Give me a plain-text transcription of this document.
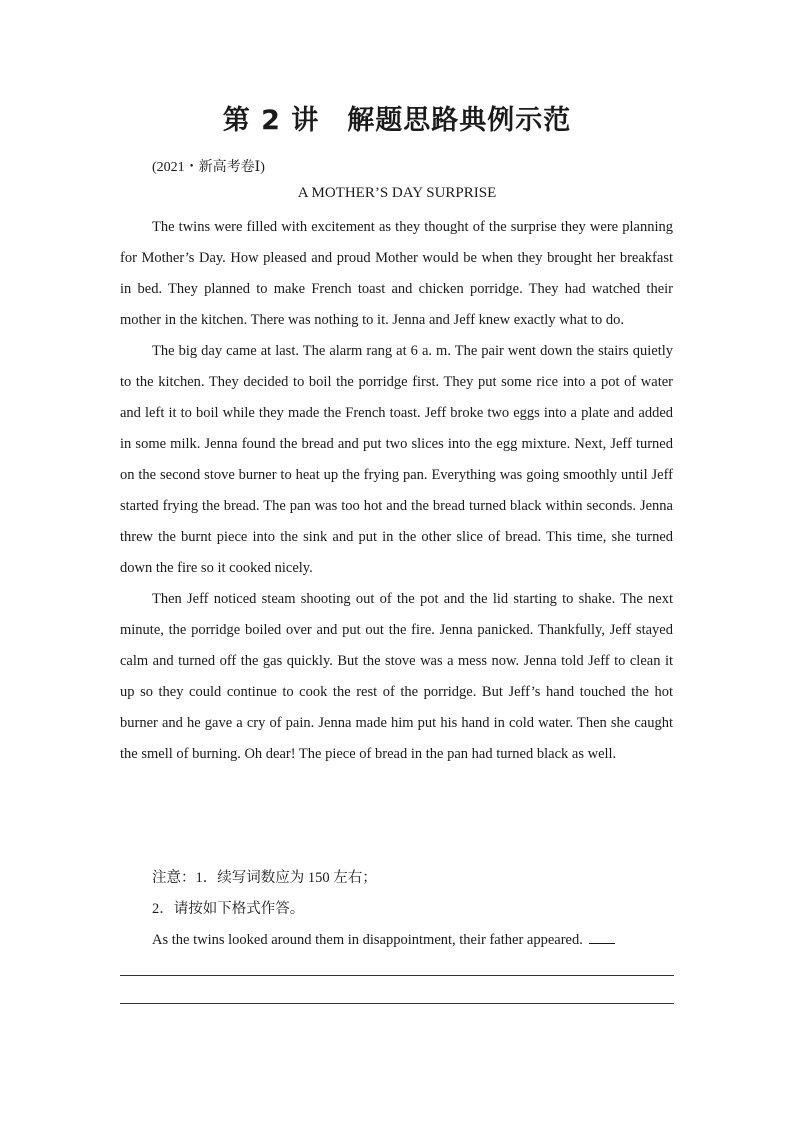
第 2 讲　解题思路典例示范

(2021・新高考卷Ⅰ)

A MOTHER’S DAY SURPRISE

The twins were filled with excitement as they thought of the surprise they were planning for Mother’s Day. How pleased and proud Mother would be when they brought her breakfast in bed. They planned to make French toast and chicken porridge. They had watched their mother in the kitchen. There was nothing to it. Jenna and Jeff knew exactly what to do.

The big day came at last. The alarm rang at 6 a. m. The pair went down the stairs quietly to the kitchen. They decided to boil the porridge first. They put some rice into a pot of water and left it to boil while they made the French toast. Jeff broke two eggs into a plate and added in some milk. Jenna found the bread and put two slices into the egg mixture. Next, Jeff turned on the second stove burner to heat up the frying pan. Everything was going smoothly until Jeff started frying the bread. The pan was too hot and the bread turned black within seconds. Jenna threw the burnt piece into the sink and put in the other slice of bread. This time, she turned down the fire so it cooked nicely.

Then Jeff noticed steam shooting out of the pot and the lid starting to shake. The next minute, the porridge boiled over and put out the fire. Jenna panicked. Thankfully, Jeff stayed calm and turned off the gas quickly. But the stove was a mess now. Jenna told Jeff to clean it up so they could continue to cook the rest of the porridge. But Jeff’s hand touched the hot burner and he gave a cry of pain. Jenna made him put his hand in cold water. Then she caught the smell of burning. Oh dear! The piece of bread in the pan had turned black as well.

注意：1．续写词数应为 150 左右；

2．请按如下格式作答。

As the twins looked around them in disappointment, their father appeared.
